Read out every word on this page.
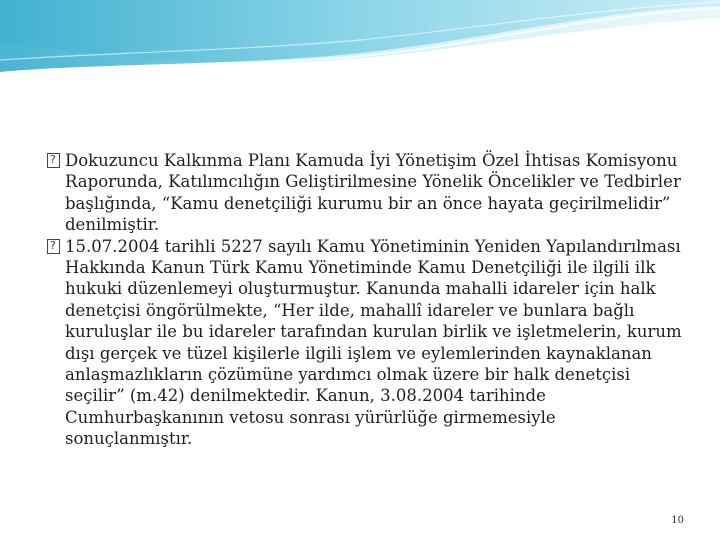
?
Dokuzuncu Kalkınma Planı Kamuda İyi Yönetişim Özel İhtisas Komisyonu Raporunda, Katılımcılığın Geliştirilmesine Yönelik Öncelikler ve Tedbirler başlığında, “Kamu denetçiliği kurumu bir an önce hayata geçirilmelidir” denilmiştir.

?
15.07.2004 tarihli 5227 sayılı Kamu Yönetiminin Yeniden Yapılandırılması Hakkında Kanun Türk Kamu Yönetiminde Kamu Denetçiliği ile ilgili ilk hukuki düzenlemeyi oluşturmuştur. Kanunda mahalli idareler için halk denetçisi öngörülmekte, “Her ilde, mahallî idareler ve bunlara bağlı kuruluşlar ile bu idareler tarafından kurulan birlik ve işletmelerin, kurum dışı gerçek ve tüzel kişilerle ilgili işlem ve eylemlerinden kaynaklanan anlaşmazlıkların çözümüne yardımcı olmak üzere bir halk denetçisi seçilir” (m.42) denilmektedir. Kanun, 3.08.2004 tarihinde Cumhurbaşkanının vetosu sonrası yürürlüğe girmemesiyle sonuçlanmıştır.

10
